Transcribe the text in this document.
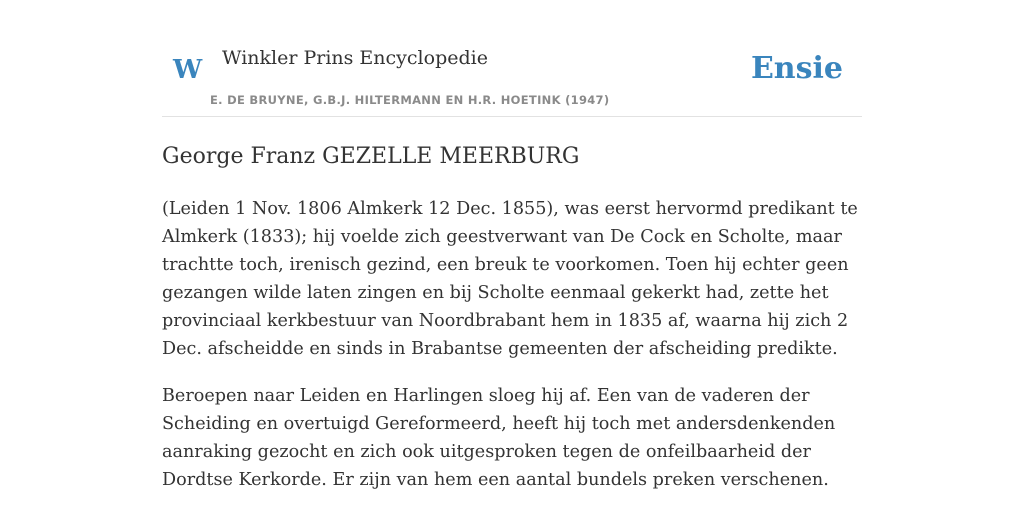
W Winkler Prins Encyclopedie
E. DE BRUYNE, G.B.J. HILTERMANN EN H.R. HOETINK (1947)
Ensie
George Franz GEZELLE MEERBURG

(Leiden 1 Nov. 1806 Almkerk 12 Dec. 1855), was eerst hervormd predikant te Almkerk (1833); hij voelde zich geestverwant van De Cock en Scholte, maar trachtte toch, irenisch gezind, een breuk te voorkomen. Toen hij echter geen gezangen wilde laten zingen en bij Scholte eenmaal gekerkt had, zette het provinciaal kerkbestuur van Noordbrabant hem in 1835 af, waarna hij zich 2 Dec. afscheidde en sinds in Brabantse gemeenten der afscheiding predikte.

Beroepen naar Leiden en Harlingen sloeg hij af. Een van de vaderen der Scheiding en overtuigd Gereformeerd, heeft hij toch met andersdenkenden aanraking gezocht en zich ook uitgesproken tegen de onfeilbaarheid der Dordtse Kerkorde. Er zijn van hem een aantal bundels preken verschenen.
